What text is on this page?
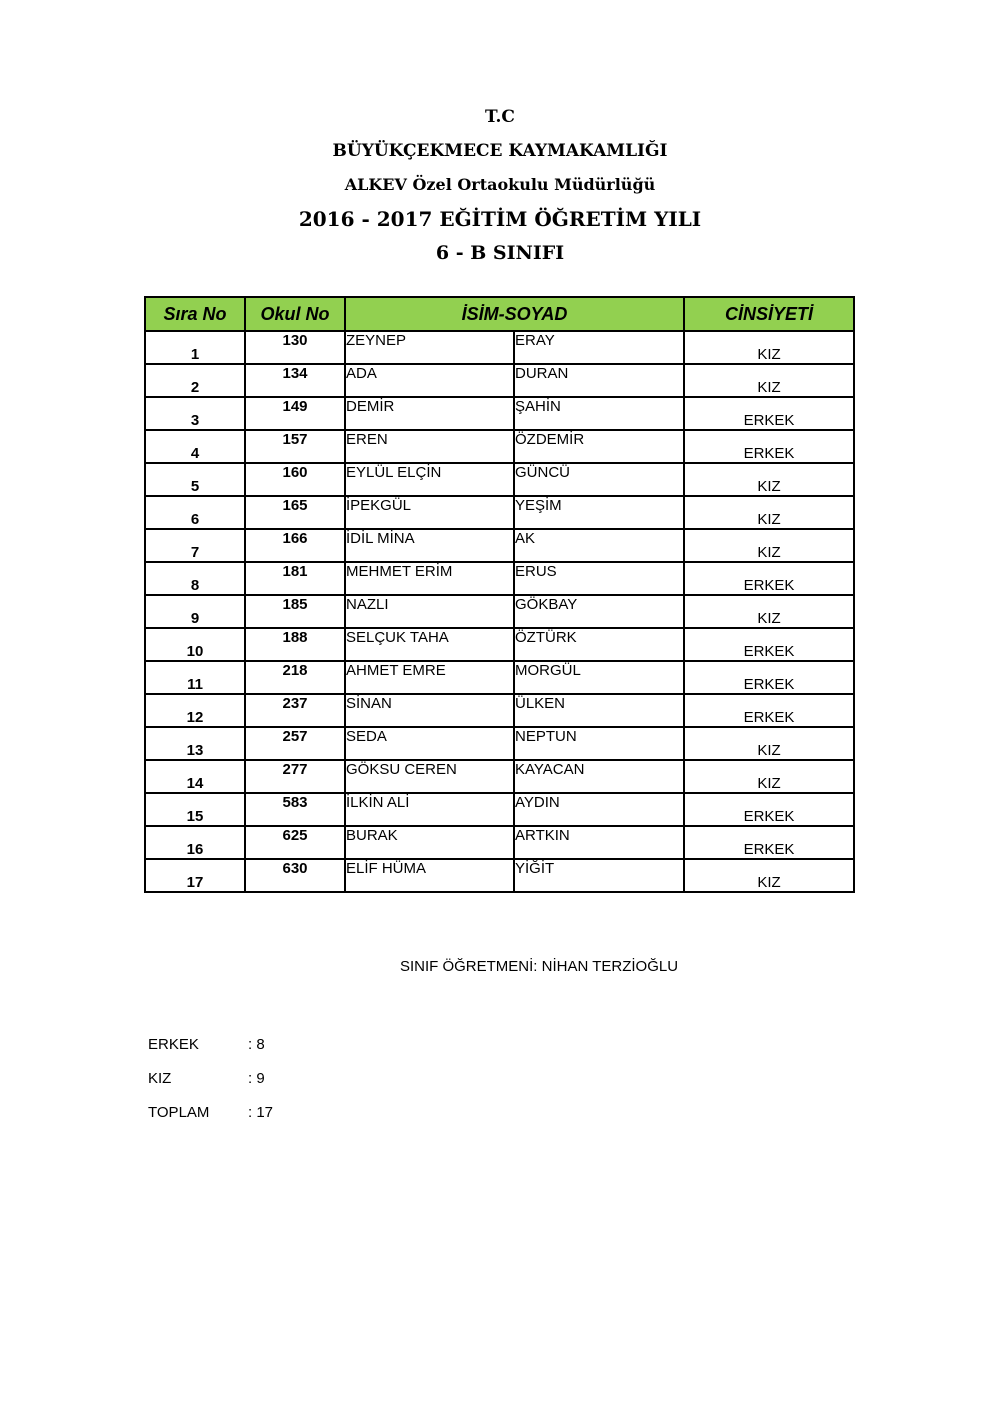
T.C
BÜYÜKÇEKMECE KAYMAKAMLIĞI
ALKEV Özel Ortaokulu Müdürlüğü
2016 - 2017 EĞİTİM ÖĞRETİM YILI
6 - B SINIFI
Sıra No	Okul No	İSİM-SOYAD		CİNSİYETİ
1	130	ZEYNEP	ERAY	KIZ
2	134	ADA	DURAN	KIZ
3	149	DEMİR	ŞAHİN	ERKEK
4	157	EREN	ÖZDEMİR	ERKEK
5	160	EYLÜL ELÇİN	GÜNCÜ	KIZ
6	165	İPEKGÜL	YEŞİM	KIZ
7	166	İDİL MİNA	AK	KIZ
8	181	MEHMET ERİM	ERUS	ERKEK
9	185	NAZLI	GÖKBAY	KIZ
10	188	SELÇUK TAHA	ÖZTÜRK	ERKEK
11	218	AHMET EMRE	MORGÜL	ERKEK
12	237	SİNAN	ÜLKEN	ERKEK
13	257	SEDA	NEPTUN	KIZ
14	277	GÖKSU CEREN	KAYACAN	KIZ
15	583	İLKİN ALİ	AYDIN	ERKEK
16	625	BURAK	ARTKIN	ERKEK
17	630	ELİF HÜMA	YİĞİT	KIZ
SINIF ÖĞRETMENİ: NİHAN TERZİOĞLU
ERKEK	: 8
KIZ	: 9
TOPLAM	: 17
